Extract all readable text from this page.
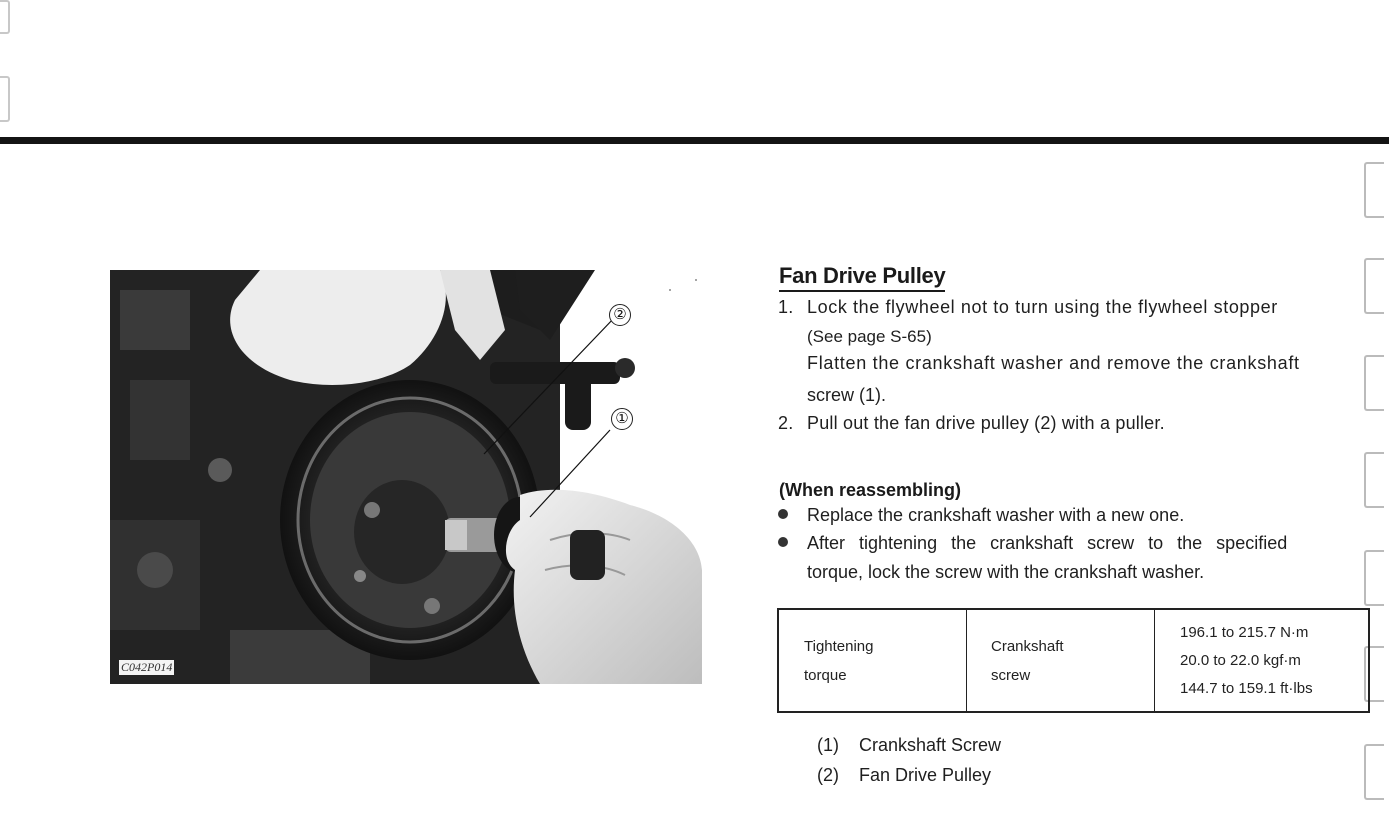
②
①
C042P014
Fan Drive Pulley
1. Lock the flywheel not to turn using the flywheel stopper
(See page S-65)
Flatten the crankshaft washer and remove the crankshaft
screw (1).
2. Pull out the fan drive pulley (2) with a puller.
(When reassembling)
Replace the crankshaft washer with a new one.
After tightening the crankshaft screw to the specified
torque, lock the screw with the crankshaft washer.
Tightening
torque
Crankshaft
screw
196.1 to 215.7 N·m
20.0 to 22.0 kgf·m
144.7 to 159.1 ft·lbs
(1) Crankshaft Screw
(2) Fan Drive Pulley
